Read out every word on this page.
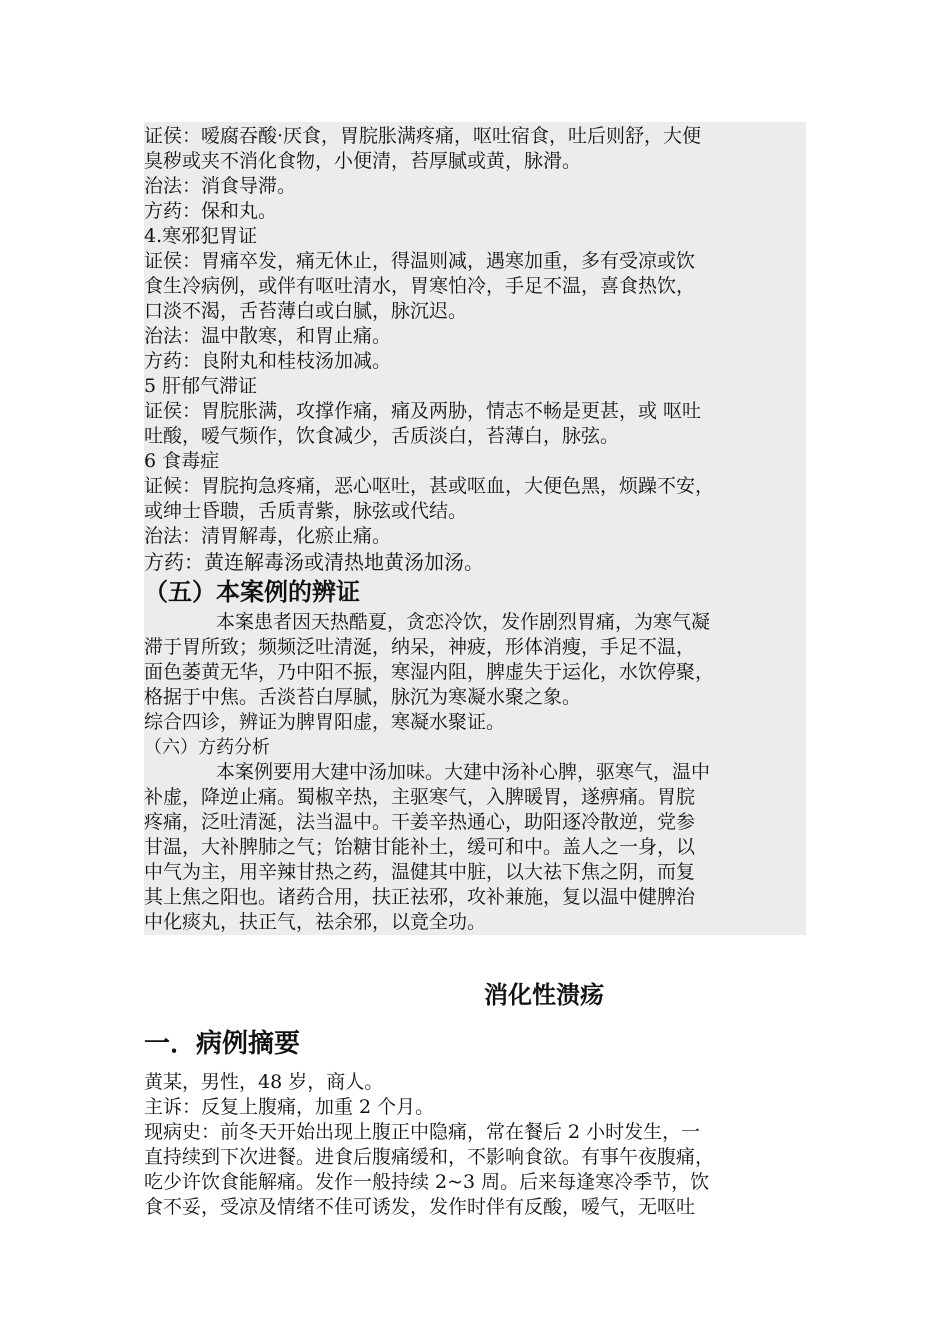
证侯：嗳腐吞酸·厌食，胃脘胀满疼痛，呕吐宿食，吐后则舒，大便
臭秽或夹不消化食物，小便清，苔厚腻或黄，脉滑。
治法：消食导滞。
方药：保和丸。
4.寒邪犯胃证
证侯：胃痛卒发，痛无休止，得温则减，遇寒加重，多有受凉或饮
食生冷病例，或伴有呕吐清水，胃寒怕冷，手足不温，喜食热饮，
口淡不渴，舌苔薄白或白腻，脉沉迟。
治法：温中散寒，和胃止痛。
方药：良附丸和桂枝汤加减。
5 肝郁气滞证
证侯：胃脘胀满，攻撑作痛，痛及两胁，情志不畅是更甚，或 呕吐
吐酸，嗳气频作，饮食减少，舌质淡白，苔薄白，脉弦。
6 食毒症
证候：胃脘拘急疼痛，恶心呕吐，甚或呕血，大便色黑，烦躁不安，
或绅士昏聩，舌质青紫，脉弦或代结。
治法：清胃解毒，化瘀止痛。
方药：黄连解毒汤或清热地黄汤加汤。
（五）本案例的辨证
本案患者因天热酷夏，贪恋冷饮，发作剧烈胃痛，为寒气凝
滞于胃所致；频频泛吐清涎，纳呆，神疲，形体消瘦，手足不温，
面色萎黄无华，乃中阳不振，寒湿内阻，脾虚失于运化，水饮停聚，
格据于中焦。舌淡苔白厚腻，脉沉为寒凝水聚之象。
综合四诊，辨证为脾胃阳虚，寒凝水聚证。
（六）方药分析
本案例要用大建中汤加味。大建中汤补心脾，驱寒气，温中
补虚，降逆止痛。蜀椒辛热，主驱寒气，入脾暖胃，遂痹痛。胃脘
疼痛，泛吐清涎，法当温中。干姜辛热通心，助阳逐冷散逆，党参
甘温，大补脾肺之气；饴糖甘能补土，缓可和中。盖人之一身，以
中气为主，用辛辣甘热之药，温健其中脏，以大祛下焦之阴，而复
其上焦之阳也。诸药合用，扶正祛邪，攻补兼施，复以温中健脾治
中化痰丸，扶正气，祛余邪，以竟全功。
消化性溃疡
一．病例摘要
黄某，男性，48 岁，商人。
主诉：反复上腹痛，加重 2 个月。
现病史：前冬天开始出现上腹正中隐痛，常在餐后 2 小时发生，一
直持续到下次进餐。进食后腹痛缓和，不影响食欲。有事午夜腹痛，
吃少许饮食能解痛。发作一般持续 2~3 周。后来每逢寒冷季节，饮
食不妥，受凉及情绪不佳可诱发，发作时伴有反酸，嗳气，无呕吐
